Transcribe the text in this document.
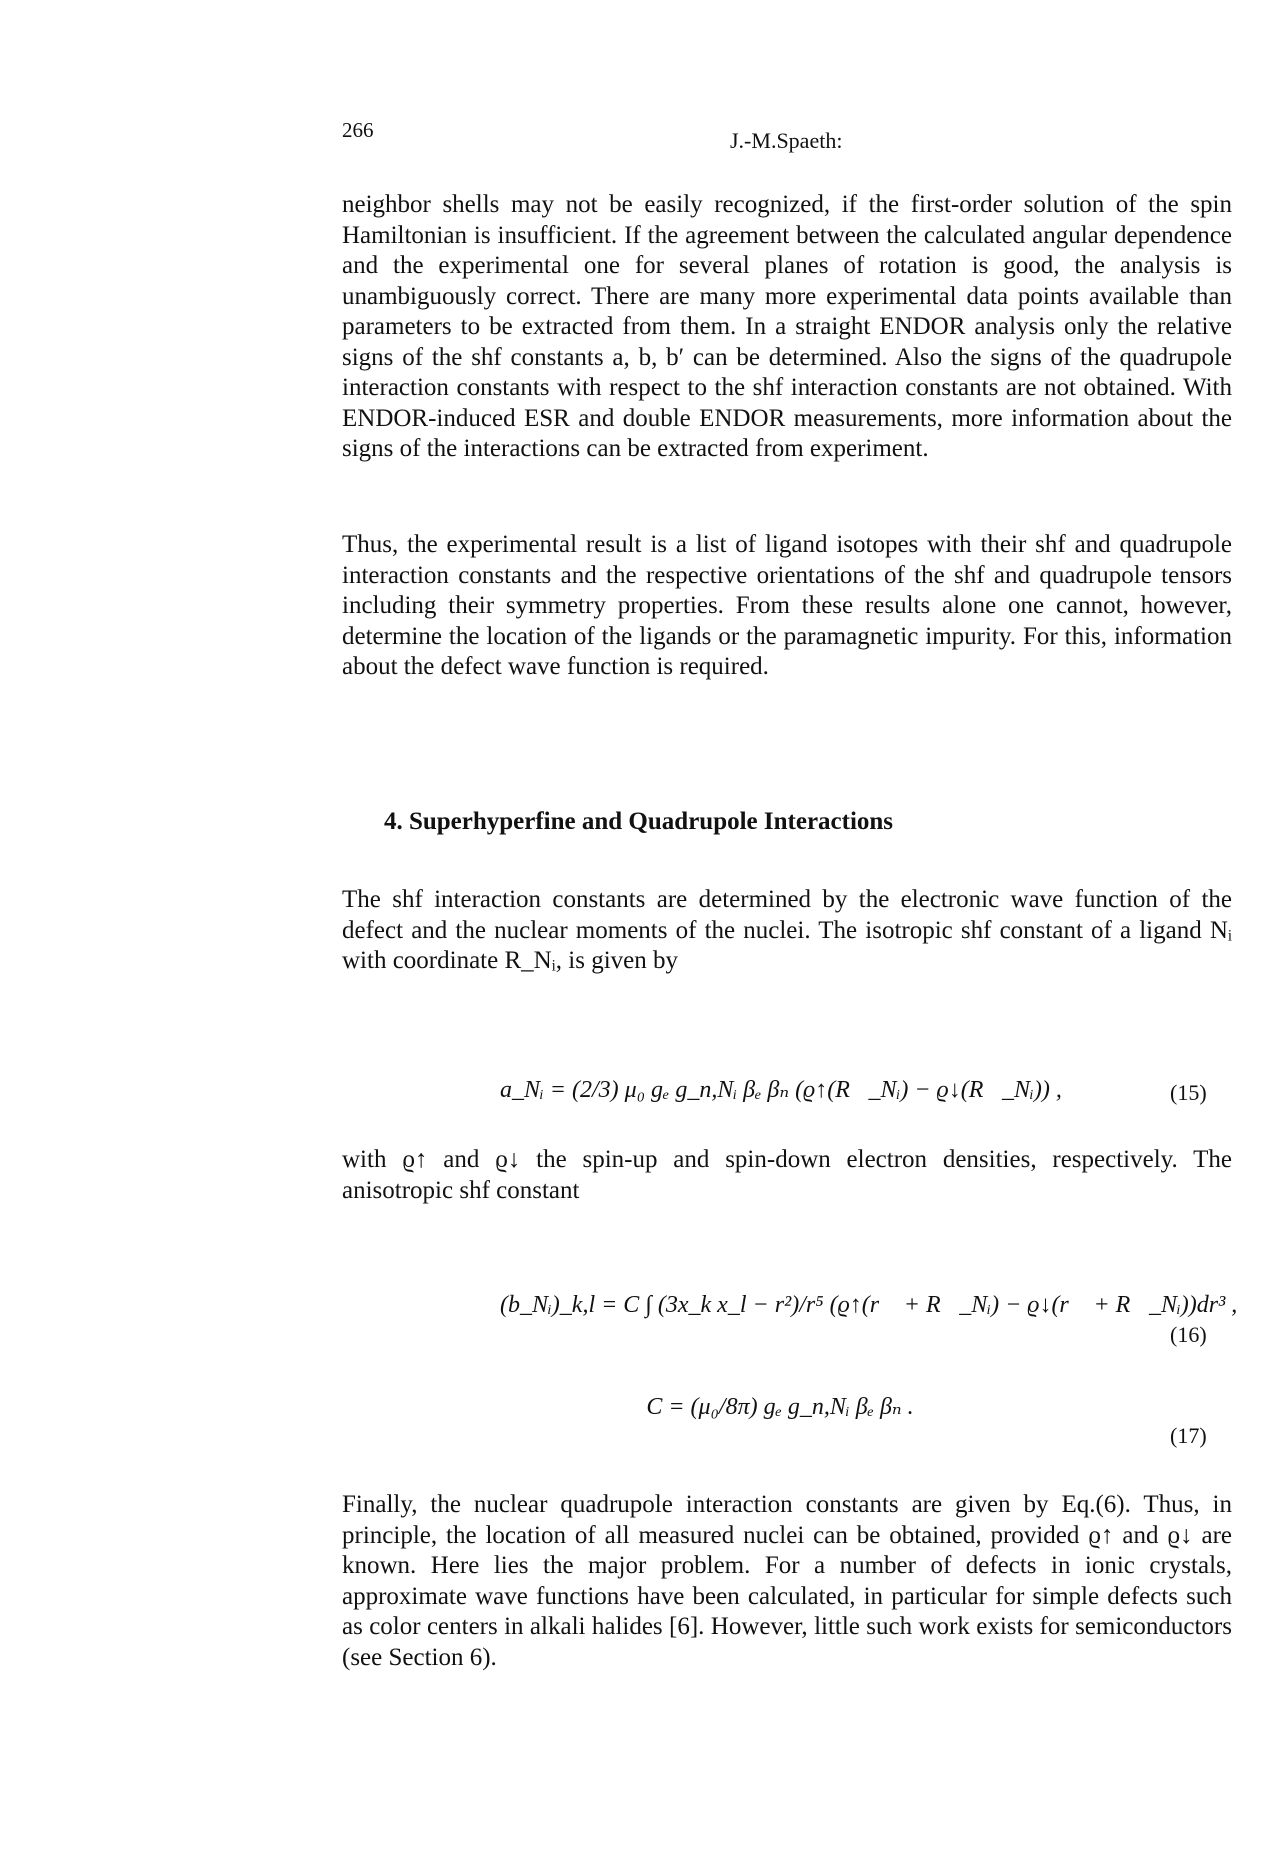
266	J.-M.Spaeth:

neighbor shells may not be easily recognized, if the first-order solution of the spin Hamiltonian is insufficient. If the agreement between the calculated angular dependence and the experimental one for several planes of rotation is good, the analysis is unambiguously correct. There are many more experimental data points available than parameters to be extracted from them. In a straight ENDOR analysis only the relative signs of the shf constants a, b, b′ can be determined. Also the signs of the quadrupole interaction constants with respect to the shf interaction constants are not obtained. With ENDOR-induced ESR and double ENDOR measurements, more information about the signs of the interactions can be extracted from experiment.

Thus, the experimental result is a list of ligand isotopes with their shf and quadrupole interaction constants and the respective orientations of the shf and quadrupole tensors including their symmetry properties. From these results alone one cannot, however, determine the location of the ligands or the paramagnetic impurity. For this, information about the defect wave function is required.

4. Superhyperfine and Quadrupole Interactions

The shf interaction constants are determined by the electronic wave function of the defect and the nuclear moments of the nuclei. The isotropic shf constant of a ligand Nᵢ with coordinate R_Nᵢ, is given by

a_Nᵢ = (2/3) μ₀ gₑ g_n,Nᵢ βₑ βₙ (ϱ↑(R⃗_Nᵢ) − ϱ↓(R⃗_Nᵢ)) ,	(15)

with ϱ↑ and ϱ↓ the spin-up and spin-down electron densities, respectively. The anisotropic shf constant

(b_Nᵢ)_k,l = C ∫ (3x_k x_l − r²)/r⁵ (ϱ↑(r⃗ + R⃗_Nᵢ) − ϱ↓(r⃗ + R⃗_Nᵢ))dr³ ,
(16)
C = (μ₀/8π) gₑ g_n,Nᵢ βₑ βₙ .
(17)

Finally, the nuclear quadrupole interaction constants are given by Eq.(6). Thus, in principle, the location of all measured nuclei can be obtained, provided ϱ↑ and ϱ↓ are known. Here lies the major problem. For a number of defects in ionic crystals, approximate wave functions have been calculated, in particular for simple defects such as color centers in alkali halides [6]. However, little such work exists for semiconductors (see Section 6).
